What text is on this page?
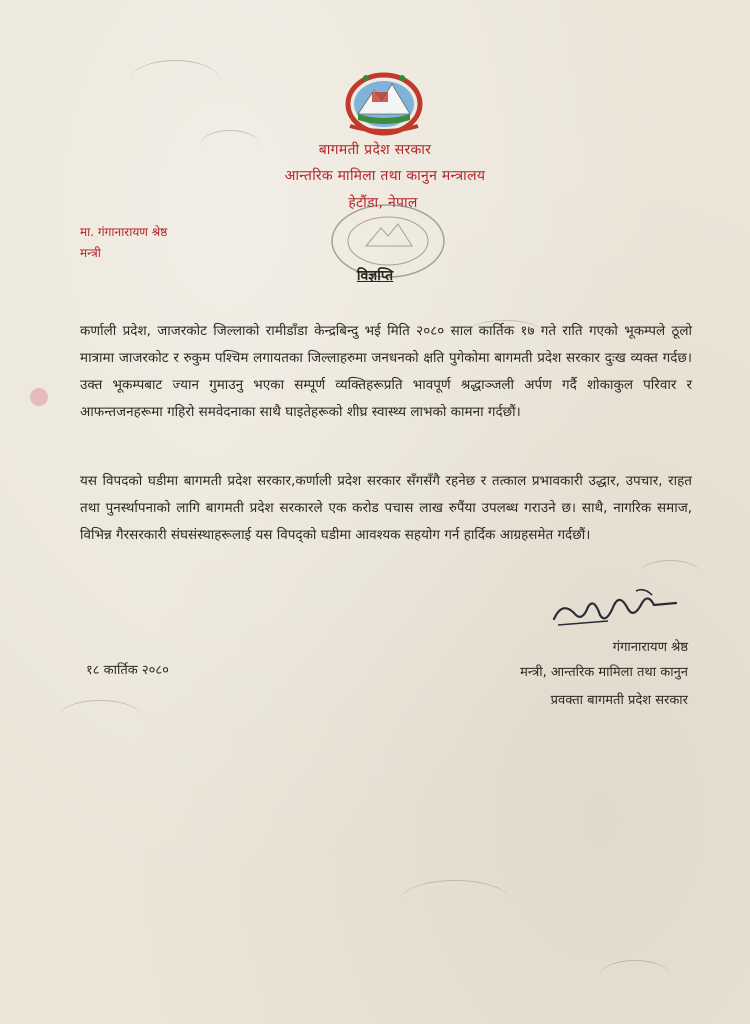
बागमती प्रदेश सरकार
आन्तरिक मामिला तथा कानुन मन्त्रालय
हेटौंडा, नेपाल
मा. गंगानारायण श्रेष्ठ
मन्त्री
विज्ञप्ति
कर्णाली प्रदेश, जाजरकोट जिल्लाको रामीडाँडा केन्द्रबिन्दु भई मिति २०८० साल कार्तिक १७ गते राति गएको भूकम्पले ठूलो मात्रामा जाजरकोट र रुकुम पश्चिम लगायतका जिल्लाहरुमा जनधनको क्षति पुगेकोमा बागमती प्रदेश सरकार दुःख व्यक्त गर्दछ। उक्त भूकम्पबाट ज्यान गुमाउनु भएका सम्पूर्ण व्यक्तिहरूप्रति भावपूर्ण श्रद्धाञ्जली अर्पण गर्दै शोकाकुल परिवार र आफन्तजनहरूमा गहिरो समवेदनाका साथै घाइतेहरूको शीघ्र स्वास्थ्य लाभको कामना गर्दछौं।
यस विपदको घडीमा बागमती प्रदेश सरकार,कर्णाली प्रदेश सरकार सँगसँगै रहनेछ र तत्काल प्रभावकारी उद्धार, उपचार, राहत तथा पुनर्स्थापनाको लागि बागमती प्रदेश सरकारले एक करोड पचास लाख रुपैंया उपलब्ध गराउने छ। साथै, नागरिक समाज, विभिन्न गैरसरकारी संघसंस्थाहरूलाई यस विपद्को घडीमा आवश्यक सहयोग गर्न हार्दिक आग्रहसमेत गर्दछौं।
गंगानारायण श्रेष्ठ
मन्त्री, आन्तरिक मामिला तथा कानुन
प्रवक्ता बागमती प्रदेश सरकार
१८ कार्तिक २०८०
